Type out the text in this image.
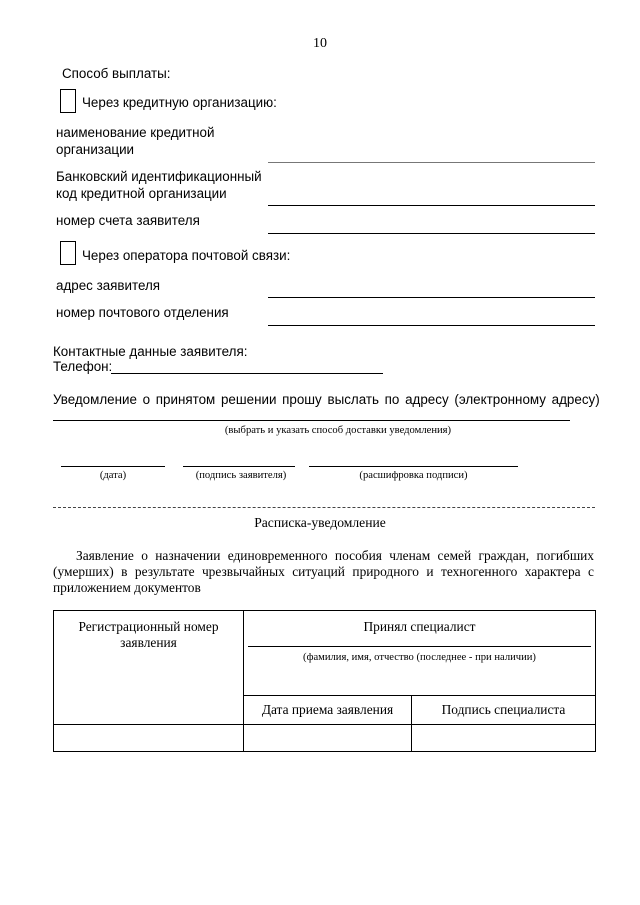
10
Способ выплаты:
Через кредитную организацию:
наименование кредитной
организации
Банковский идентификационный
код кредитной организации
номер счета заявителя
Через оператора почтовой связи:
адрес заявителя
номер почтового отделения
Контактные данные заявителя:
Телефон:
Уведомление о принятом решении прошу выслать по адресу (электронному адресу)
(выбрать и указать способ доставки уведомления)
(дата)	(подпись заявителя)	(расшифровка подписи)
Расписка-уведомление
Заявление о назначении единовременного пособия членам семей граждан, погибших
(умерших) в результате чрезвычайных ситуаций природного и техногенного характера с
приложением документов
Регистрационный номер заявления	Принял специалист
(фамилия, имя, отчество (последнее - при наличии)	

	Дата приема заявления	Подпись специалиста
